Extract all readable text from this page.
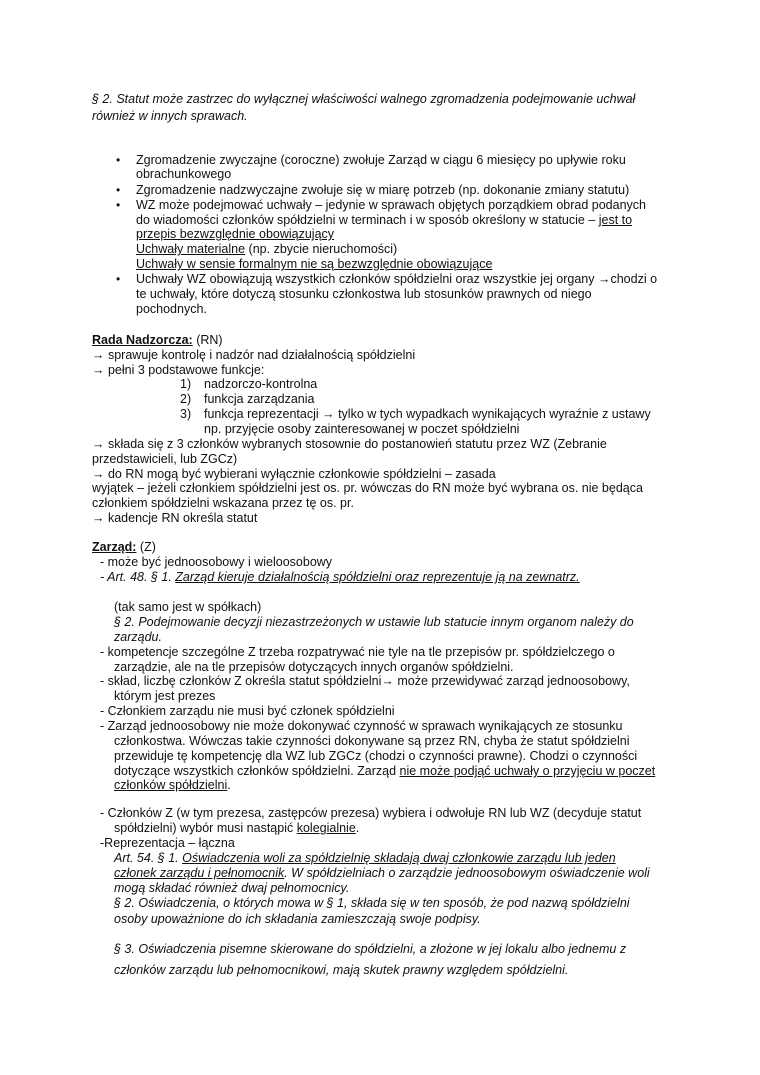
§ 2. Statut może zastrzec do wyłącznej właściwości walnego zgromadzenia podejmowanie uchwał
również w innych sprawach.
• Zgromadzenie zwyczajne (coroczne) zwołuje Zarząd w ciągu 6 miesięcy po upływie roku
obrachunkowego
• Zgromadzenie nadzwyczajne zwołuje się w miarę potrzeb (np. dokonanie zmiany statutu)
• WZ może podejmować uchwały – jedynie w sprawach objętych porządkiem obrad podanych
do wiadomości członków spółdzielni w terminach i w sposób określony w statucie – jest to
przepis bezwzględnie obowiązujący
Uchwały materialne (np. zbycie nieruchomości)
Uchwały w sensie formalnym nie są bezwzględnie obowiązujące
• Uchwały WZ obowiązują wszystkich członków spółdzielni oraz wszystkie jej organy →chodzi o
te uchwały, które dotyczą stosunku członkostwa lub stosunków prawnych od niego
pochodnych.
Rada Nadzorcza: (RN)
→ sprawuje kontrolę i nadzór nad działalnością spółdzielni
→ pełni 3 podstawowe funkcje:
1) nadzorczo-kontrolna
2) funkcja zarządzania
3) funkcja reprezentacji → tylko w tych wypadkach wynikających wyraźnie z ustawy
np. przyjęcie osoby zainteresowanej w poczet spółdzielni
→ składa się z 3 członków wybranych stosownie do postanowień statutu przez WZ (Zebranie
przedstawicieli, lub ZGCz)
→ do RN mogą być wybierani wyłącznie członkowie spółdzielni – zasada
wyjątek – jeżeli członkiem spółdzielni jest os. pr. wówczas do RN może być wybrana os. nie będąca
członkiem spółdzielni wskazana przez tę os. pr.
→ kadencje RN określa statut
Zarząd: (Z)
- może być jednoosobowy i wieloosobowy
- Art. 48. § 1. Zarząd kieruje działalnością spółdzielni oraz reprezentuje ją na zewnatrz.
(tak samo jest w spółkach)
§ 2. Podejmowanie decyzji niezastrzeżonych w ustawie lub statucie innym organom należy do
zarządu.
- kompetencje szczególne Z trzeba rozpatrywać nie tyle na tle przepisów pr. spółdzielczego o
zarządzie, ale na tle przepisów dotyczących innych organów spółdzielni.
- skład, liczbę członków Z określa statut spółdzielni→ może przewidywać zarząd jednoosobowy,
którym jest prezes
- Członkiem zarządu nie musi być członek spółdzielni
- Zarząd jednoosobowy nie może dokonywać czynność w sprawach wynikających ze stosunku
członkostwa. Wówczas takie czynności dokonywane są przez RN, chyba że statut spółdzielni
przewiduje tę kompetencję dla WZ lub ZGCz (chodzi o czynności prawne). Chodzi o czynności
dotyczące wszystkich członków spółdzielni. Zarząd nie może podjąć uchwały o przyjęciu w poczet
członków spółdzielni.
- Członków Z (w tym prezesa, zastępców prezesa) wybiera i odwołuje RN lub WZ (decyduje statut
spółdzielni) wybór musi nastąpić kolegialnie.
-Reprezentacja – łączna
Art. 54. § 1. Oświadczenia woli za spółdzielnię składają dwaj członkowie zarządu lub jeden
członek zarządu i pełnomocnik. W spółdzielniach o zarządzie jednoosobowym oświadczenie woli
mogą składać również dwaj pełnomocnicy.
§ 2. Oświadczenia, o których mowa w § 1, składa się w ten sposób, że pod nazwą spółdzielni
osoby upoważnione do ich składania zamieszczają swoje podpisy.
§ 3. Oświadczenia pisemne skierowane do spółdzielni, a złożone w jej lokalu albo jednemu z
członków zarządu lub pełnomocnikowi, mają skutek prawny względem spółdzielni.
